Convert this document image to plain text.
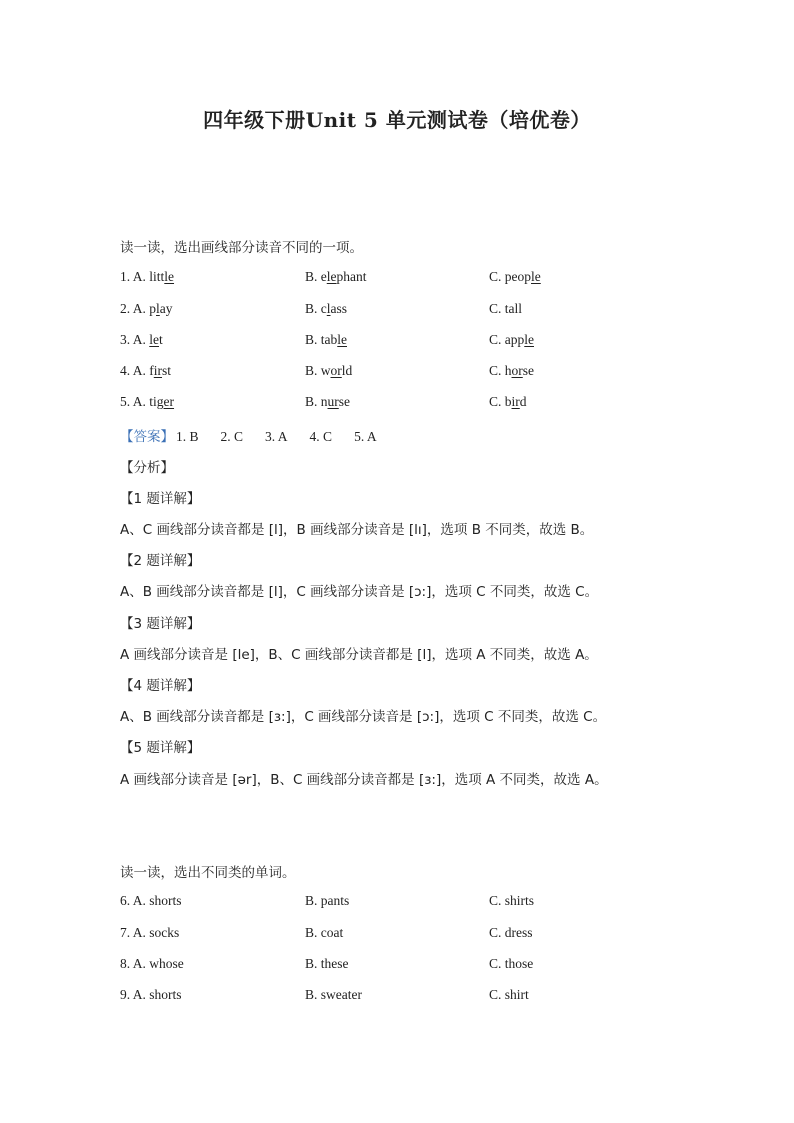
四年级下册Unit 5 单元测试卷（培优卷）
读一读，选出画线部分读音不同的一项。
1. A. little	B. elephant	C. people
2. A. play	B. class	C. tall
3. A. let	B. table	C. apple
4. A. first	B. world	C. horse
5. A. tiger	B. nurse	C. bird
【答案】 1. B 2. C 3. A 4. C 5. A
【分析】
【1 题详解】
A、C 画线部分读音都是 [l]，B 画线部分读音是 [lı]，选项 B 不同类，故选 B。
【2 题详解】
A、B 画线部分读音都是 [l]，C 画线部分读音是 [ɔ:]，选项 C 不同类，故选 C。
【3 题详解】
A 画线部分读音是 [le]，B、C 画线部分读音都是 [l]，选项 A 不同类，故选 A。
【4 题详解】
A、B 画线部分读音都是 [ɜ:]，C 画线部分读音是 [ɔ:]，选项 C 不同类，故选 C。
【5 题详解】
A 画线部分读音是 [ər]，B、C 画线部分读音都是 [ɜ:]，选项 A 不同类，故选 A。
读一读，选出不同类的单词。
6. A. shorts	B. pants	C. shirts
7. A. socks	B. coat	C. dress
8. A. whose	B. these	C. those
9. A. shorts	B. sweater	C. shirt
